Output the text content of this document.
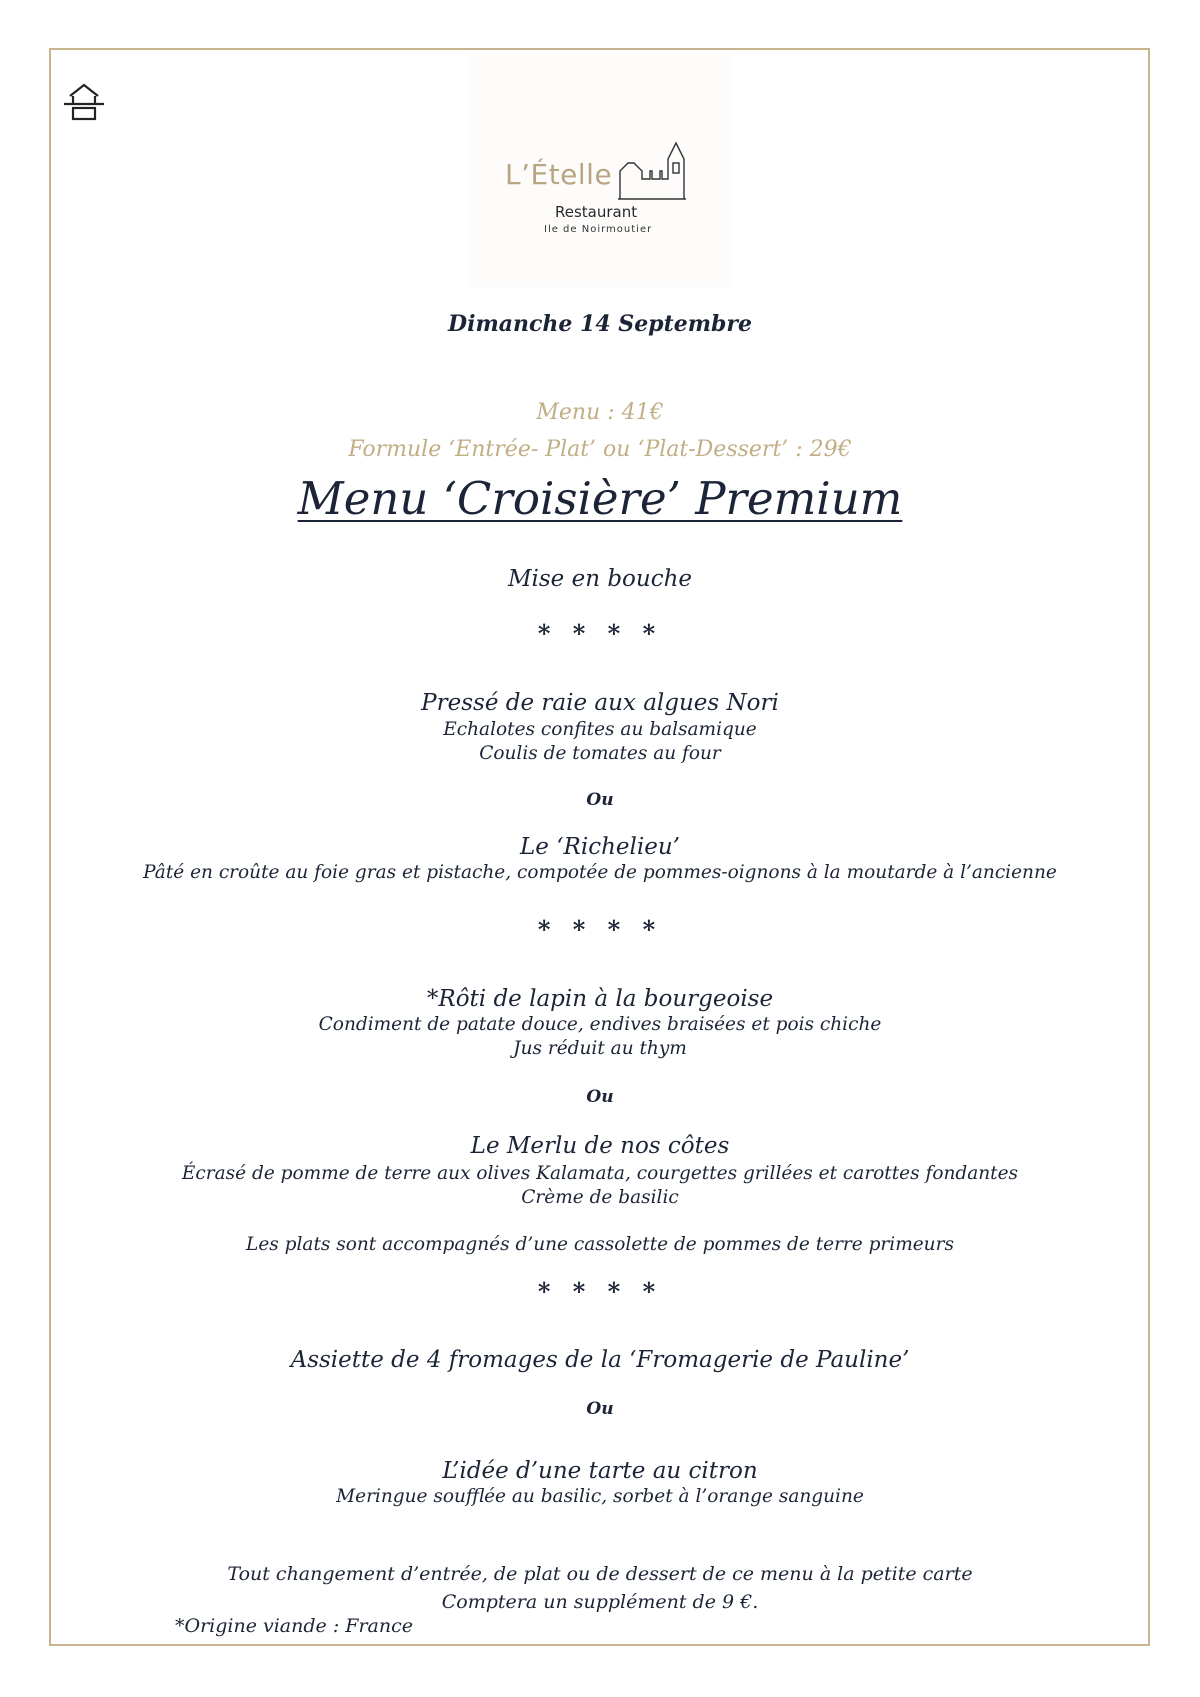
L’Ételle
Restaurant
Ile de Noirmoutier
Dimanche 14 Septembre
Menu : 41€
Formule ‘Entrée- Plat’ ou ‘Plat-Dessert’ : 29€
Menu ‘Croisière’ Premium
Mise en bouche
* * * *
Pressé de raie aux algues Nori
Echalotes confites au balsamique
Coulis de tomates au four
Ou
Le ‘Richelieu’
Pâté en croûte au foie gras et pistache, compotée de pommes-oignons à la moutarde à l’ancienne
* * * *
*Rôti de lapin à la bourgeoise
Condiment de patate douce, endives braisées et pois chiche
Jus réduit au thym
Ou
Le Merlu de nos côtes
Écrasé de pomme de terre aux olives Kalamata, courgettes grillées et carottes fondantes
Crème de basilic
Les plats sont accompagnés d’une cassolette de pommes de terre primeurs
* * * *
Assiette de 4 fromages de la ‘Fromagerie de Pauline’
Ou
L’idée d’une tarte au citron
Meringue soufflée au basilic, sorbet à l’orange sanguine
Tout changement d’entrée, de plat ou de dessert de ce menu à la petite carte
Comptera un supplément de 9 €.
*Origine viande : France
